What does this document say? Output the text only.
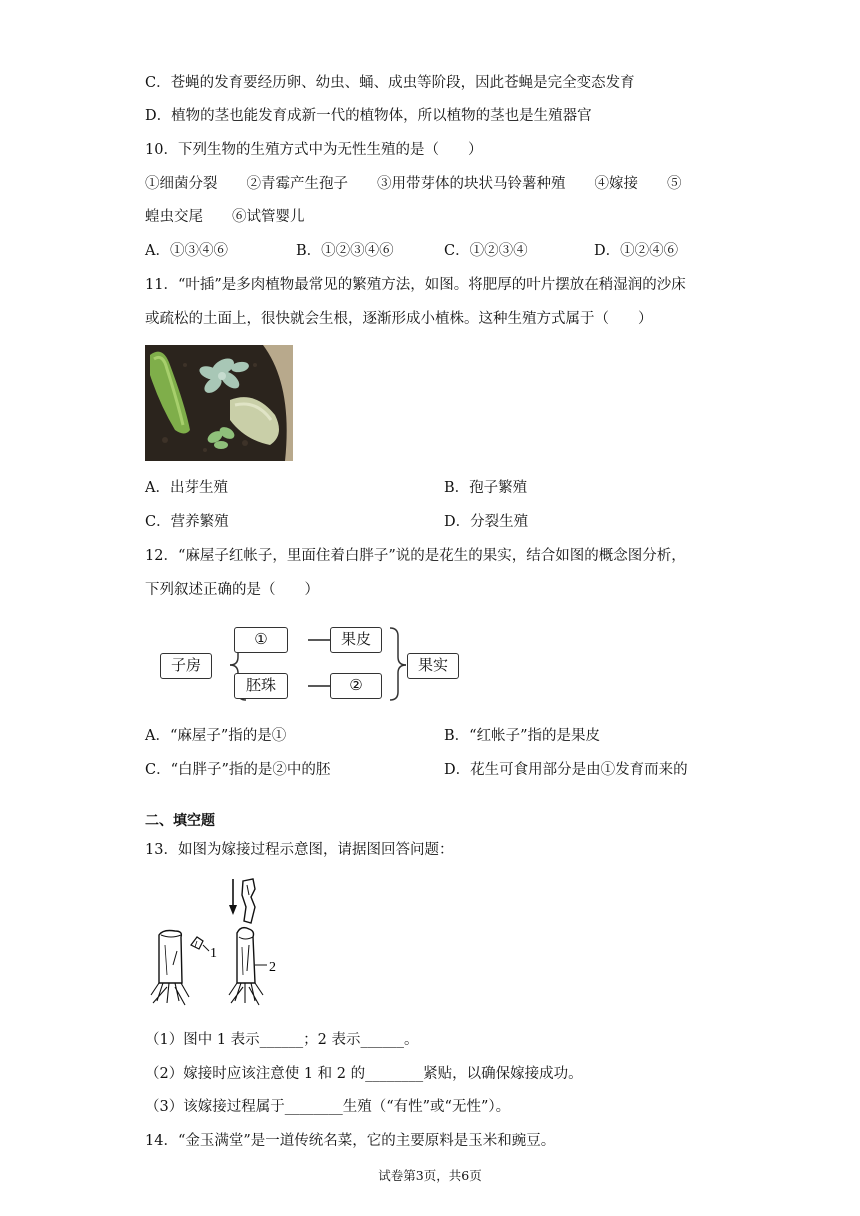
C．苍蝇的发育要经历卵、幼虫、蛹、成虫等阶段，因此苍蝇是完全变态发育
D．植物的茎也能发育成新一代的植物体，所以植物的茎也是生殖器官
10．下列生物的生殖方式中为无性生殖的是（　　）
①细菌分裂　　②青霉产生孢子　　③用带芽体的块状马铃薯种殖　　④嫁接　　⑤
蝗虫交尾　　⑥试管婴儿
A．①③④⑥	B．①②③④⑥	C．①②③④	D．①②④⑥
11．“叶插”是多肉植物最常见的繁殖方法，如图。将肥厚的叶片摆放在稍湿润的沙床
或疏松的土面上，很快就会生根，逐渐形成小植株。这种生殖方式属于（　　）
A．出芽生殖	B．孢子繁殖
C．营养繁殖	D．分裂生殖
12．“麻屋子红帐子，里面住着白胖子”说的是花生的果实，结合如图的概念图分析，
下列叙述正确的是（　　）
子房
①	果皮
胚珠	②
果实
A．“麻屋子”指的是①	B．“红帐子”指的是果皮
C．“白胖子”指的是②中的胚	D．花生可食用部分是由①发育而来的
二、填空题
13．如图为嫁接过程示意图，请据图回答问题：
1
2
（1）图中 1 表示______；2 表示______。
（2）嫁接时应该注意使 1 和 2 的________紧贴，以确保嫁接成功。
（3）该嫁接过程属于________生殖（“有性”或“无性”）。
14．“金玉满堂”是一道传统名菜，它的主要原料是玉米和豌豆。
试卷第3页，共6页
